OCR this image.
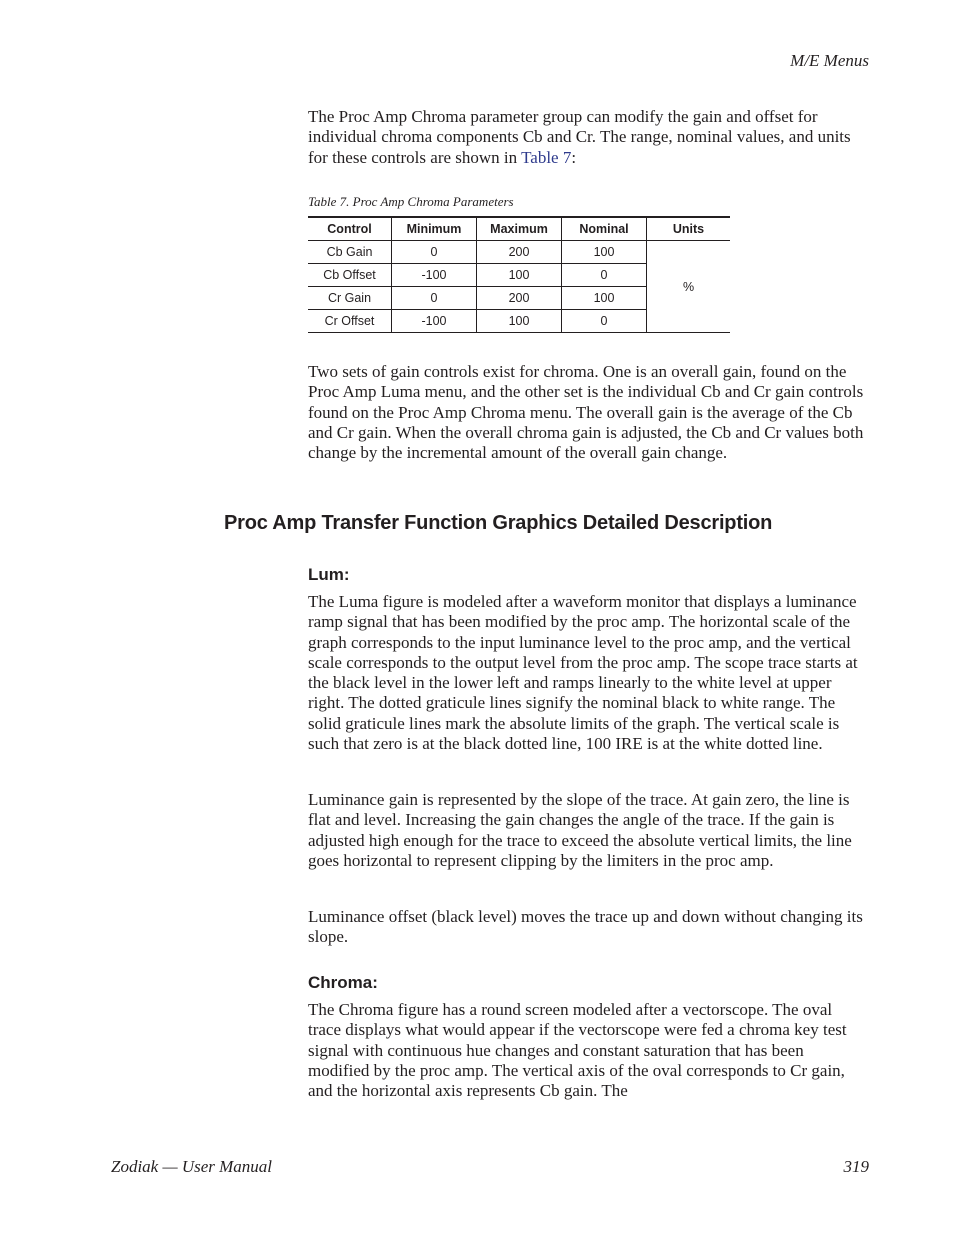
M/E Menus

The Proc Amp Chroma parameter group can modify the gain and offset for individual chroma components Cb and Cr. The range, nominal values, and units for these controls are shown in Table 7:

Table 7. Proc Amp Chroma Parameters
Control	Minimum	Maximum	Nominal	Units
Cb Gain	0	200	100	%
Cb Offset	-100	100	0	
Cr Gain	0	200	100	
Cr Offset	-100	100	0	

Two sets of gain controls exist for chroma. One is an overall gain, found on the Proc Amp Luma menu, and the other set is the individual Cb and Cr gain controls found on the Proc Amp Chroma menu. The overall gain is the average of the Cb and Cr gain. When the overall chroma gain is adjusted, the Cb and Cr values both change by the incremental amount of the overall gain change.

Proc Amp Transfer Function Graphics Detailed Description
Lum:

The Luma figure is modeled after a waveform monitor that displays a luminance ramp signal that has been modified by the proc amp. The horizontal scale of the graph corresponds to the input luminance level to the proc amp, and the vertical scale corresponds to the output level from the proc amp. The scope trace starts at the black level in the lower left and ramps linearly to the white level at upper right. The dotted graticule lines signify the nominal black to white range. The solid graticule lines mark the absolute limits of the graph. The vertical scale is such that zero is at the black dotted line, 100 IRE is at the white dotted line.

Luminance gain is represented by the slope of the trace. At gain zero, the line is flat and level. Increasing the gain changes the angle of the trace. If the gain is adjusted high enough for the trace to exceed the absolute vertical limits, the line goes horizontal to represent clipping by the limiters in the proc amp.

Luminance offset (black level) moves the trace up and down without changing its slope.

Chroma:

The Chroma figure has a round screen modeled after a vectorscope. The oval trace displays what would appear if the vectorscope were fed a chroma key test signal with continuous hue changes and constant saturation that has been modified by the proc amp. The vertical axis of the oval corresponds to Cr gain, and the horizontal axis represents Cb gain. The

Zodiak — User Manual	319
